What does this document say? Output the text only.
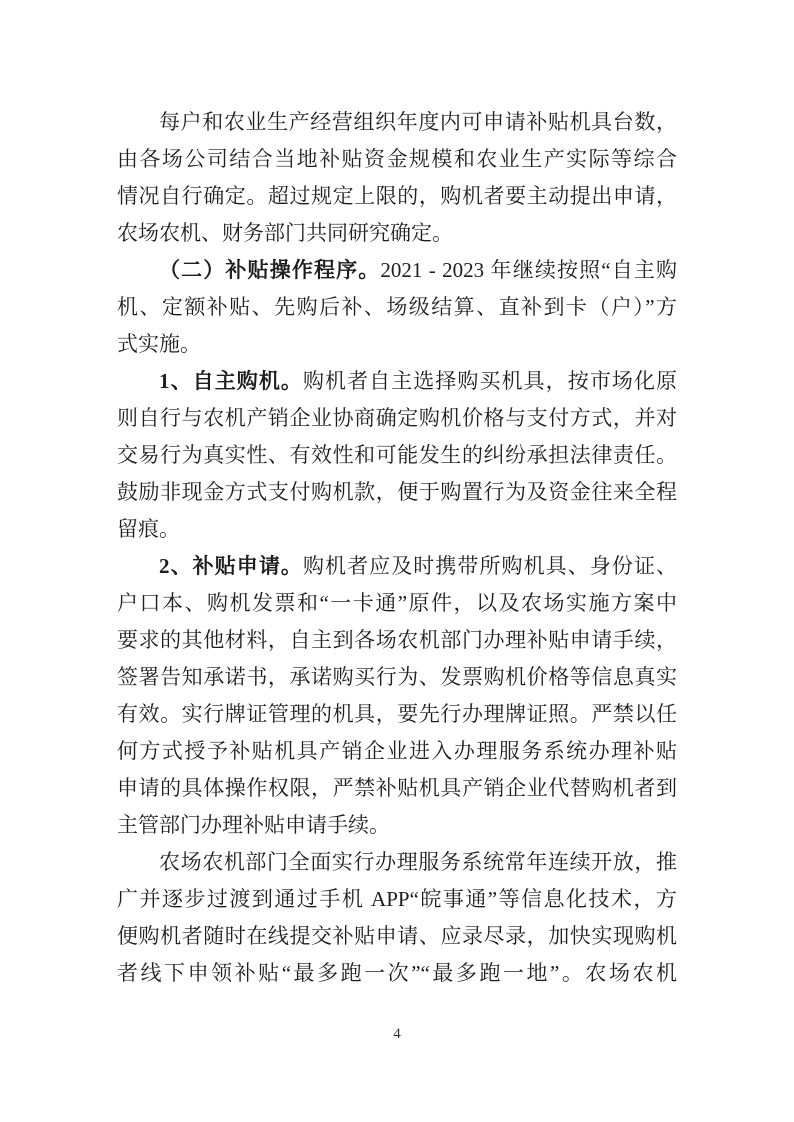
每户和农业生产经营组织年度内可申请补贴机具台数，
由各场公司结合当地补贴资金规模和农业生产实际等综合
情况自行确定。超过规定上限的，购机者要主动提出申请，
农场农机、财务部门共同研究确定。
（二）补贴操作程序。2021 - 2023 年继续按照“自主购
机、定额补贴、先购后补、场级结算、直补到卡（户）”方
式实施。
1、自主购机。购机者自主选择购买机具，按市场化原
则自行与农机产销企业协商确定购机价格与支付方式，并对
交易行为真实性、有效性和可能发生的纠纷承担法律责任。
鼓励非现金方式支付购机款，便于购置行为及资金往来全程
留痕。
2、补贴申请。购机者应及时携带所购机具、身份证、
户口本、购机发票和“一卡通”原件，以及农场实施方案中
要求的其他材料，自主到各场农机部门办理补贴申请手续，
签署告知承诺书，承诺购买行为、发票购机价格等信息真实
有效。实行牌证管理的机具，要先行办理牌证照。严禁以任
何方式授予补贴机具产销企业进入办理服务系统办理补贴
申请的具体操作权限，严禁补贴机具产销企业代替购机者到
主管部门办理补贴申请手续。
农场农机部门全面实行办理服务系统常年连续开放，推
广并逐步过渡到通过手机 APP“皖事通”等信息化技术，方
便购机者随时在线提交补贴申请、应录尽录，加快实现购机
者线下申领补贴“最多跑一次”“最多跑一地”。农场农机
4
